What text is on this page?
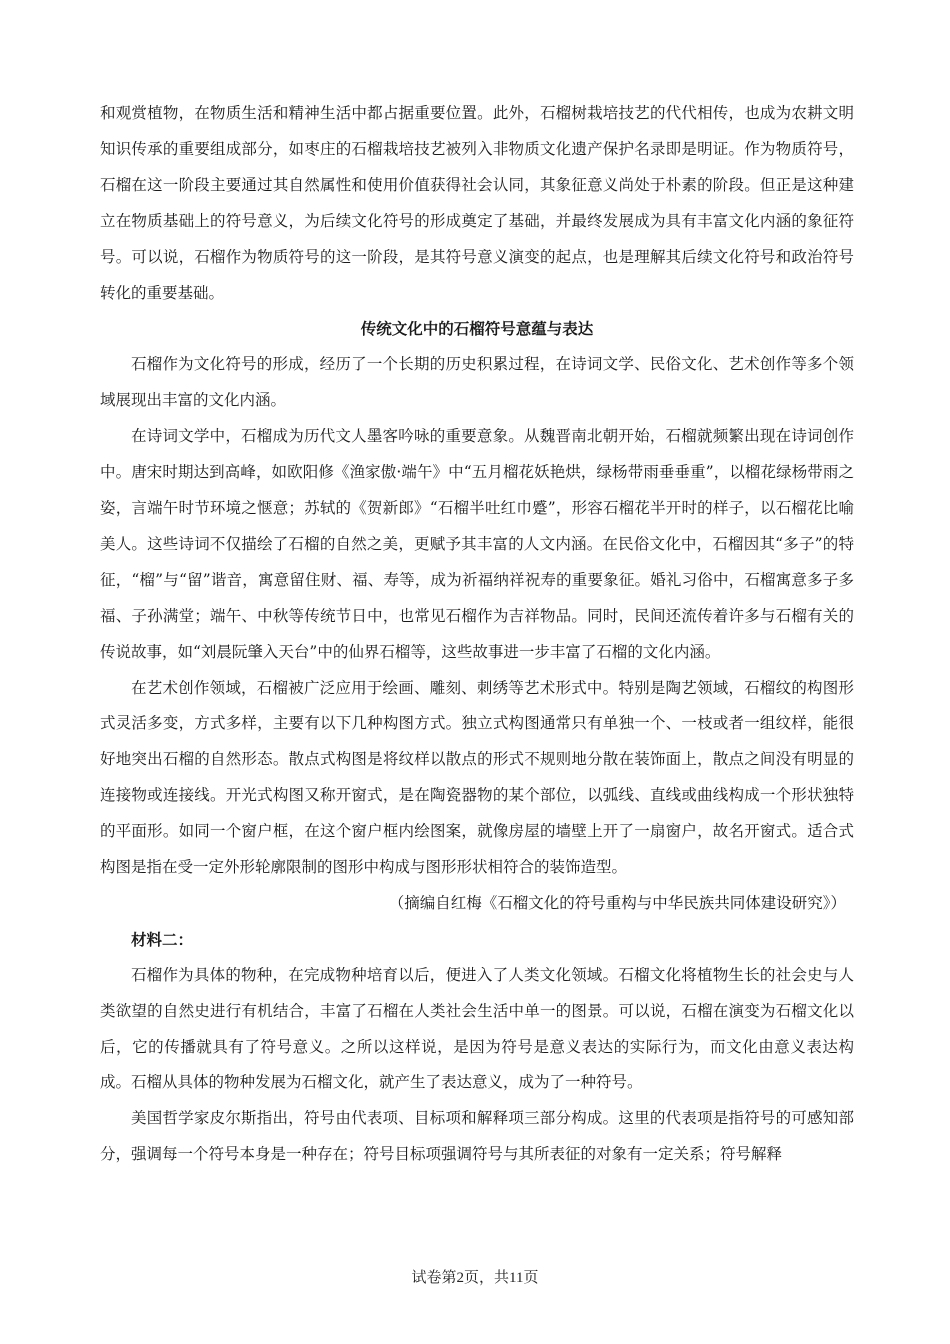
和观赏植物，在物质生活和精神生活中都占据重要位置。此外，石榴树栽培技艺的代代相传，也成为农耕文明知识传承的重要组成部分，如枣庄的石榴栽培技艺被列入非物质文化遗产保护名录即是明证。作为物质符号，石榴在这一阶段主要通过其自然属性和使用价值获得社会认同，其象征意义尚处于朴素的阶段。但正是这种建立在物质基础上的符号意义，为后续文化符号的形成奠定了基础，并最终发展成为具有丰富文化内涵的象征符号。可以说，石榴作为物质符号的这一阶段，是其符号意义演变的起点，也是理解其后续文化符号和政治符号转化的重要基础。

传统文化中的石榴符号意蕴与表达

石榴作为文化符号的形成，经历了一个长期的历史积累过程，在诗词文学、民俗文化、艺术创作等多个领域展现出丰富的文化内涵。

在诗词文学中，石榴成为历代文人墨客吟咏的重要意象。从魏晋南北朝开始，石榴就频繁出现在诗词创作中。唐宋时期达到高峰，如欧阳修《渔家傲·端午》中“五月榴花妖艳烘，绿杨带雨垂垂重”，以榴花绿杨带雨之姿，言端午时节环境之惬意；苏轼的《贺新郎》“石榴半吐红巾蹙”，形容石榴花半开时的样子，以石榴花比喻美人。这些诗词不仅描绘了石榴的自然之美，更赋予其丰富的人文内涵。在民俗文化中，石榴因其“多子”的特征，“榴”与“留”谐音，寓意留住财、福、寿等，成为祈福纳祥祝寿的重要象征。婚礼习俗中，石榴寓意多子多福、子孙满堂；端午、中秋等传统节日中，也常见石榴作为吉祥物品。同时，民间还流传着许多与石榴有关的传说故事，如“刘晨阮肇入天台”中的仙界石榴等，这些故事进一步丰富了石榴的文化内涵。

在艺术创作领域，石榴被广泛应用于绘画、雕刻、刺绣等艺术形式中。特别是陶艺领域，石榴纹的构图形式灵活多变，方式多样，主要有以下几种构图方式。独立式构图通常只有单独一个、一枝或者一组纹样，能很好地突出石榴的自然形态。散点式构图是将纹样以散点的形式不规则地分散在装饰面上，散点之间没有明显的连接物或连接线。开光式构图又称开窗式，是在陶瓷器物的某个部位，以弧线、直线或曲线构成一个形状独特的平面形。如同一个窗户框，在这个窗户框内绘图案，就像房屋的墙壁上开了一扇窗户，故名开窗式。适合式构图是指在受一定外形轮廓限制的图形中构成与图形形状相符合的装饰造型。

（摘编自红梅《石榴文化的符号重构与中华民族共同体建设研究》）

材料二：

石榴作为具体的物种，在完成物种培育以后，便进入了人类文化领域。石榴文化将植物生长的社会史与人类欲望的自然史进行有机结合，丰富了石榴在人类社会生活中单一的图景。可以说，石榴在演变为石榴文化以后，它的传播就具有了符号意义。之所以这样说，是因为符号是意义表达的实际行为，而文化由意义表达构成。石榴从具体的物种发展为石榴文化，就产生了表达意义，成为了一种符号。

美国哲学家皮尔斯指出，符号由代表项、目标项和解释项三部分构成。这里的代表项是指符号的可感知部分，强调每一个符号本身是一种存在；符号目标项强调符号与其所表征的对象有一定关系；符号解释

试卷第2页，共11页
